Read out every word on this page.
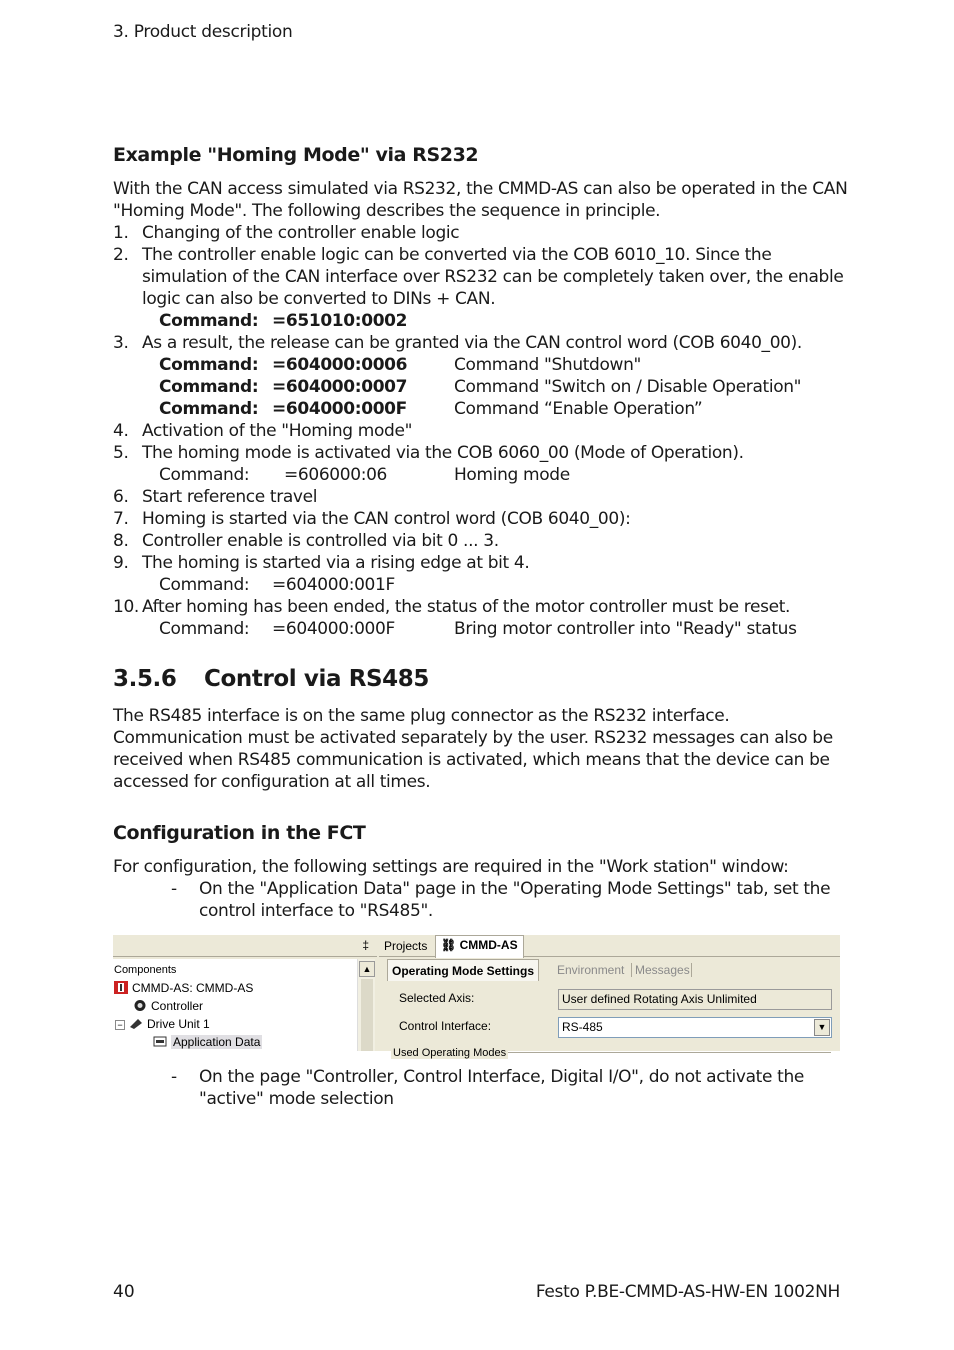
3. Product description
Example "Homing Mode" via RS232
With the CAN access simulated via RS232, the CMMD-AS can also be operated in the CAN "Homing Mode". The following describes the sequence in principle.
1. Changing of the controller enable logic
2. The controller enable logic can be converted via the COB 6010_10. Since the simulation of the CAN interface over RS232 can be completely taken over, the enable logic can also be converted to DINs + CAN.
Command: =651010:0002
3. As a result, the release can be granted via the CAN control word (COB 6040_00).
Command: =604000:0006	Command "Shutdown"
Command: =604000:0007	Command "Switch on / Disable Operation"
Command: =604000:000F	Command “Enable Operation”
4. Activation of the "Homing mode"
5. The homing mode is activated via the COB 6060_00 (Mode of Operation).
Command: =606000:06	Homing mode
6. Start reference travel
7. Homing is started via the CAN control word (COB 6040_00):
8. Controller enable is controlled via bit 0 ... 3.
9. The homing is started via a rising edge at bit 4.
Command: =604000:001F
10. After homing has been ended, the status of the motor controller must be reset.
Command: =604000:000F	Bring motor controller into "Ready" status
3.5.6 Control via RS485
The RS485 interface is on the same plug connector as the RS232 interface. Communication must be activated separately by the user. RS232 messages can also be received when RS485 communication is activated, which means that the device can be accessed for configuration at all times.
Configuration in the FCT
For configuration, the following settings are required in the "Work station" window:
- On the "Application Data" page in the "Operating Mode Settings" tab, set the control interface to "RS485".
‡
Components
CMMD-AS: CMMD-AS
Controller
− Drive Unit 1
Application Data
▲
Projects	⛓ CMMD-AS
Operating Mode Settings	Environment Messages
Selected Axis:	User defined Rotating Axis Unlimited
Control Interface:	RS-485	▼
Used Operating Modes
- On the page "Controller, Control Interface, Digital I/O", do not activate the "active" mode selection
40	Festo P.BE-CMMD-AS-HW-EN 1002NH
